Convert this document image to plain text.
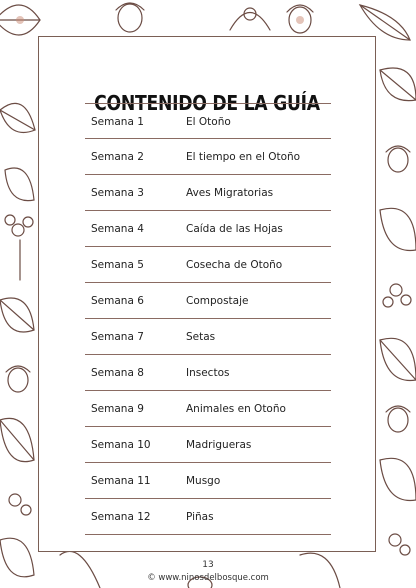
CONTENIDO DE LA GUÍA
Semana 1	El Otoño
Semana 2	El tiempo en el Otoño
Semana 3	Aves Migratorias
Semana 4	Caída de las Hojas
Semana 5	Cosecha de Otoño
Semana 6	Compostaje
Semana 7	Setas
Semana 8	Insectos
Semana 9	Animales en Otoño
Semana 10	Madrigueras
Semana 11	Musgo
Semana 12	Piñas
13
© www.ninosdelbosque.com
